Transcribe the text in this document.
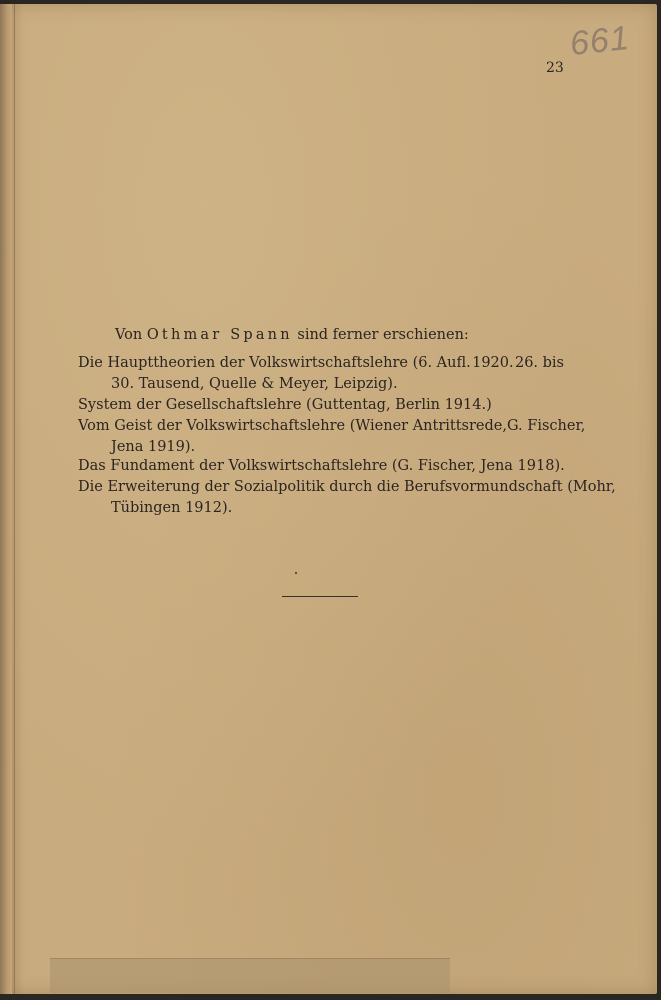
661
23
Von Othmar Spann sind ferner erschienen:
Die Haupttheorien der Volkswirtschaftslehre (6. Aufl. 1920. 26. bis
30. Tausend, Quelle & Meyer, Leipzig).
System der Gesellschaftslehre (Guttentag, Berlin 1914.)
Vom Geist der Volkswirtschaftslehre (Wiener Antrittsrede, G. Fischer,
Jena 1919).
Das Fundament der Volkswirtschaftslehre (G. Fischer, Jena 1918).
Die Erweiterung der Sozialpolitik durch die Berufsvormundschaft (Mohr,
Tübingen 1912).
